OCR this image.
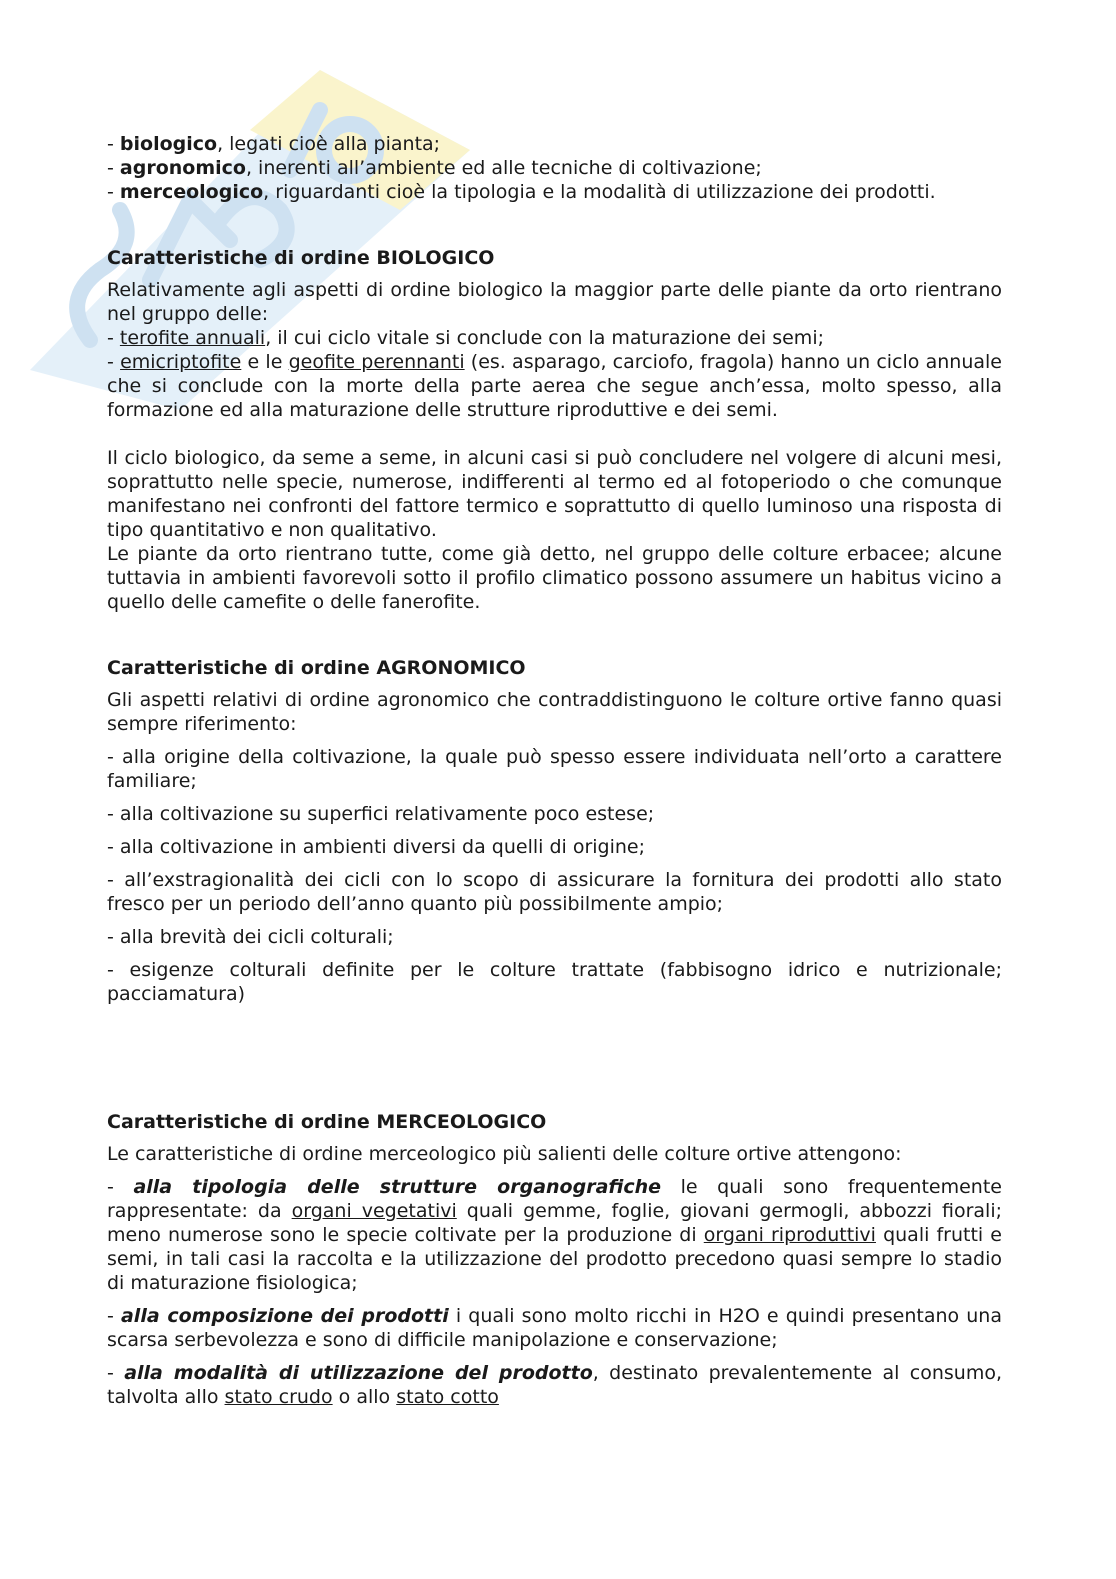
- biologico, legati cioè alla pianta;

- agronomico, inerenti all’ambiente ed alle tecniche di coltivazione;

- merceologico, riguardanti cioè la tipologia e la modalità di utilizzazione dei prodotti.

Caratteristiche di ordine BIOLOGICO

Relativamente agli aspetti di ordine biologico la maggior parte delle piante da orto rientrano nel gruppo delle:

- terofite annuali, il cui ciclo vitale si conclude con la maturazione dei semi;

- emicriptofite e le geofite perennanti (es. asparago, carciofo, fragola) hanno un ciclo annuale che si conclude con la morte della parte aerea che segue anch’essa, molto spesso, alla formazione ed alla maturazione delle strutture riproduttive e dei semi.

Il ciclo biologico, da seme a seme, in alcuni casi si può concludere nel volgere di alcuni mesi, soprattutto nelle specie, numerose, indifferenti al termo ed al fotoperiodo o che comunque manifestano nei confronti del fattore termico e soprattutto di quello luminoso una risposta di tipo quantitativo e non qualitativo.

Le piante da orto rientrano tutte, come già detto, nel gruppo delle colture erbacee; alcune tuttavia in ambienti favorevoli sotto il profilo climatico possono assumere un habitus vicino a quello delle camefite o delle fanerofite.

Caratteristiche di ordine AGRONOMICO

Gli aspetti relativi di ordine agronomico che contraddistinguono le colture ortive fanno quasi sempre riferimento:

- alla origine della coltivazione, la quale può spesso essere individuata nell’orto a carattere familiare;

- alla coltivazione su superfici relativamente poco estese;

- alla coltivazione in ambienti diversi da quelli di origine;

- all’exstragionalità dei cicli con lo scopo di assicurare la fornitura dei prodotti allo stato fresco per un periodo dell’anno quanto più possibilmente ampio;

- alla brevità dei cicli colturali;

- esigenze colturali definite per le colture trattate (fabbisogno idrico e nutrizionale; pacciamatura)

Caratteristiche di ordine MERCEOLOGICO

Le caratteristiche di ordine merceologico più salienti delle colture ortive attengono:

- alla tipologia delle strutture organografiche le quali sono frequentemente rappresentate: da organi vegetativi quali gemme, foglie, giovani germogli, abbozzi fiorali; meno numerose sono le specie coltivate per la produzione di organi riproduttivi quali frutti e semi, in tali casi la raccolta e la utilizzazione del prodotto precedono quasi sempre lo stadio di maturazione fisiologica;

- alla composizione dei prodotti i quali sono molto ricchi in H2O e quindi presentano una scarsa serbevolezza e sono di difficile manipolazione e conservazione;

- alla modalità di utilizzazione del prodotto, destinato prevalentemente al consumo, talvolta allo stato crudo o allo stato cotto
